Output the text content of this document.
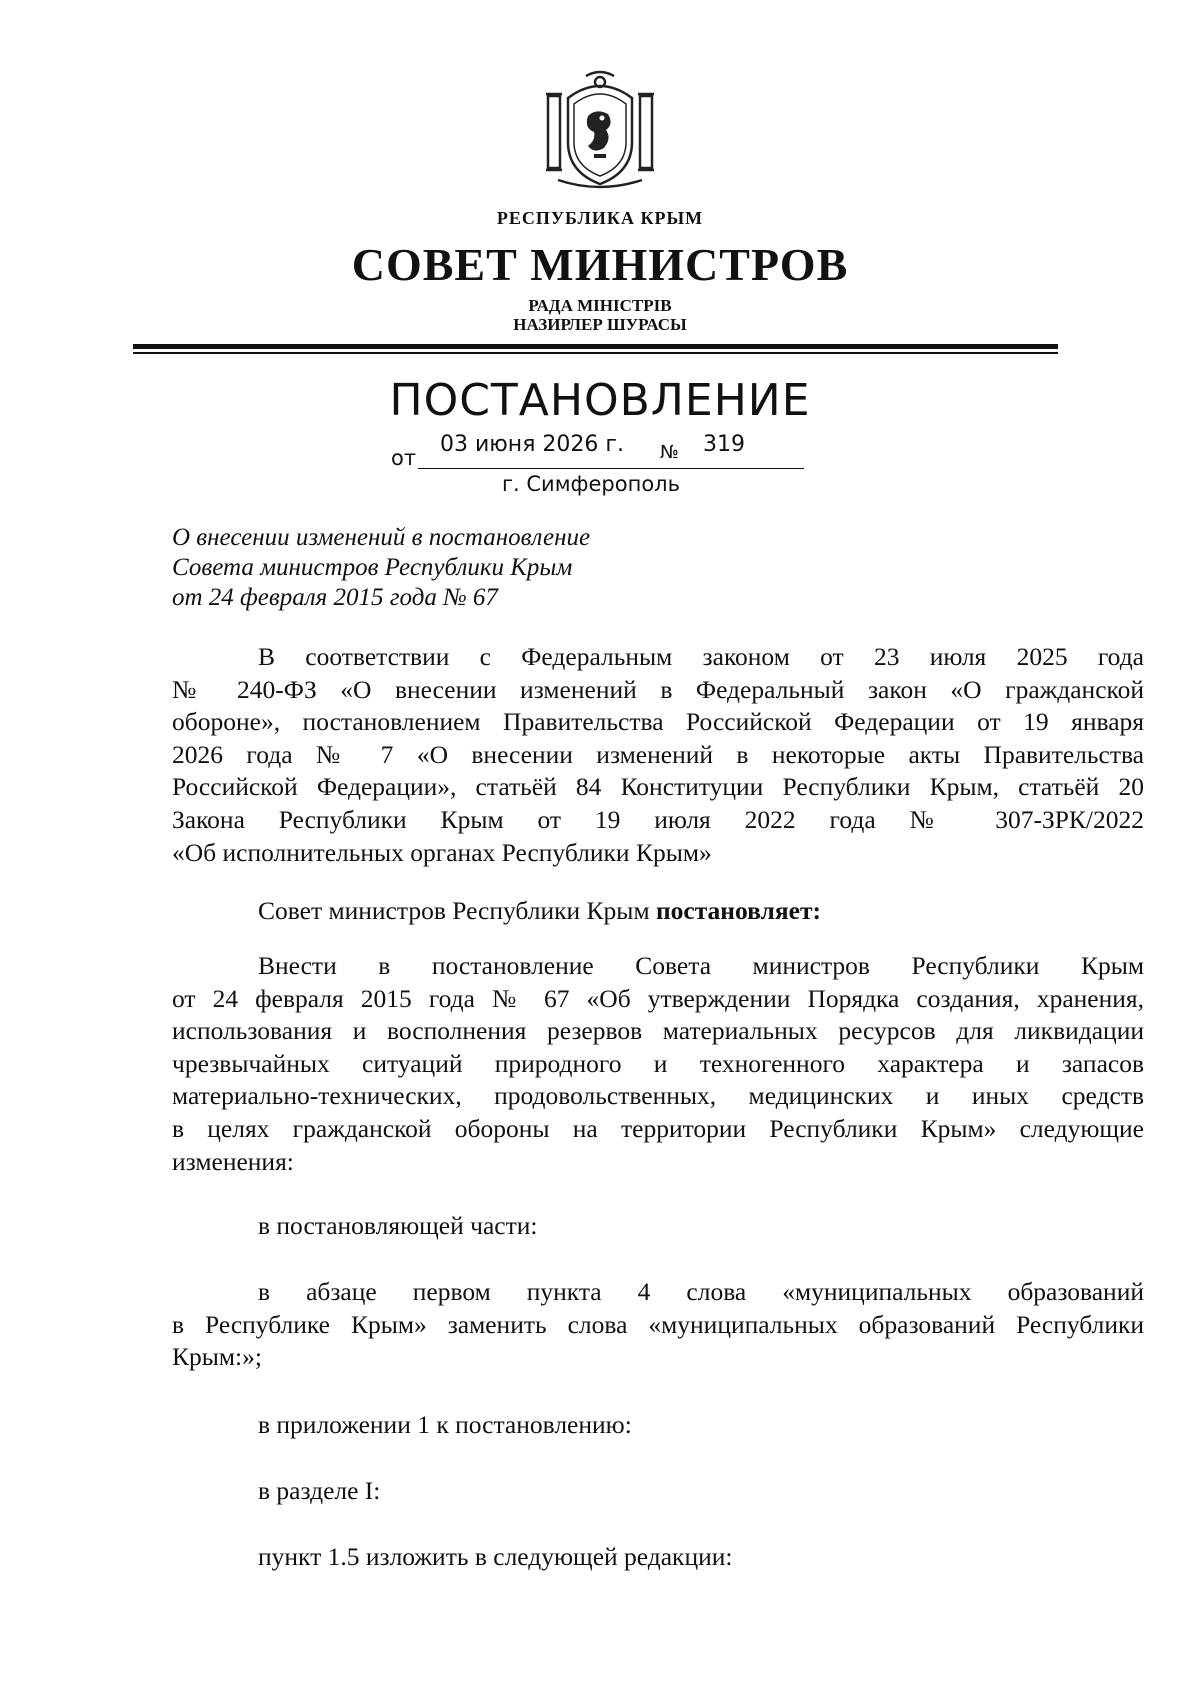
РЕСПУБЛИКА КРЫМ
СОВЕТ МИНИСТРОВ
РАДА МІНІСТРІВ
НАЗИРЛЕР ШУРАСЫ
ПОСТАНОВЛЕНИЕ
от
03 июня 2026 г. № 319
г. Симферополь
О внесении изменений в постановление
Совета министров Республики Крым
от 24 февраля 2015 года № 67
В соответствии с Федеральным законом от 23 июля 2025 года
№ 240-ФЗ «О внесении изменений в Федеральный закон «О гражданской
обороне», постановлением Правительства Российской Федерации от 19 января
2026 года № 7 «О внесении изменений в некоторые акты Правительства
Российской Федерации», статьёй 84 Конституции Республики Крым, статьёй 20
Закона Республики Крым от 19 июля 2022 года № 307-ЗРК/2022
«Об исполнительных органах Республики Крым»
Совет министров Республики Крым постановляет:
Внести в постановление Совета министров Республики Крым
от 24 февраля 2015 года № 67 «Об утверждении Порядка создания, хранения,
использования и восполнения резервов материальных ресурсов для ликвидации
чрезвычайных ситуаций природного и техногенного характера и запасов
материально-технических, продовольственных, медицинских и иных средств
в целях гражданской обороны на территории Республики Крым» следующие
изменения:
в постановляющей части:
в абзаце первом пункта 4 слова «муниципальных образований
в Республике Крым» заменить слова «муниципальных образований Республики
Крым:»;
в приложении 1 к постановлению:
в разделе I:
пункт 1.5 изложить в следующей редакции:
